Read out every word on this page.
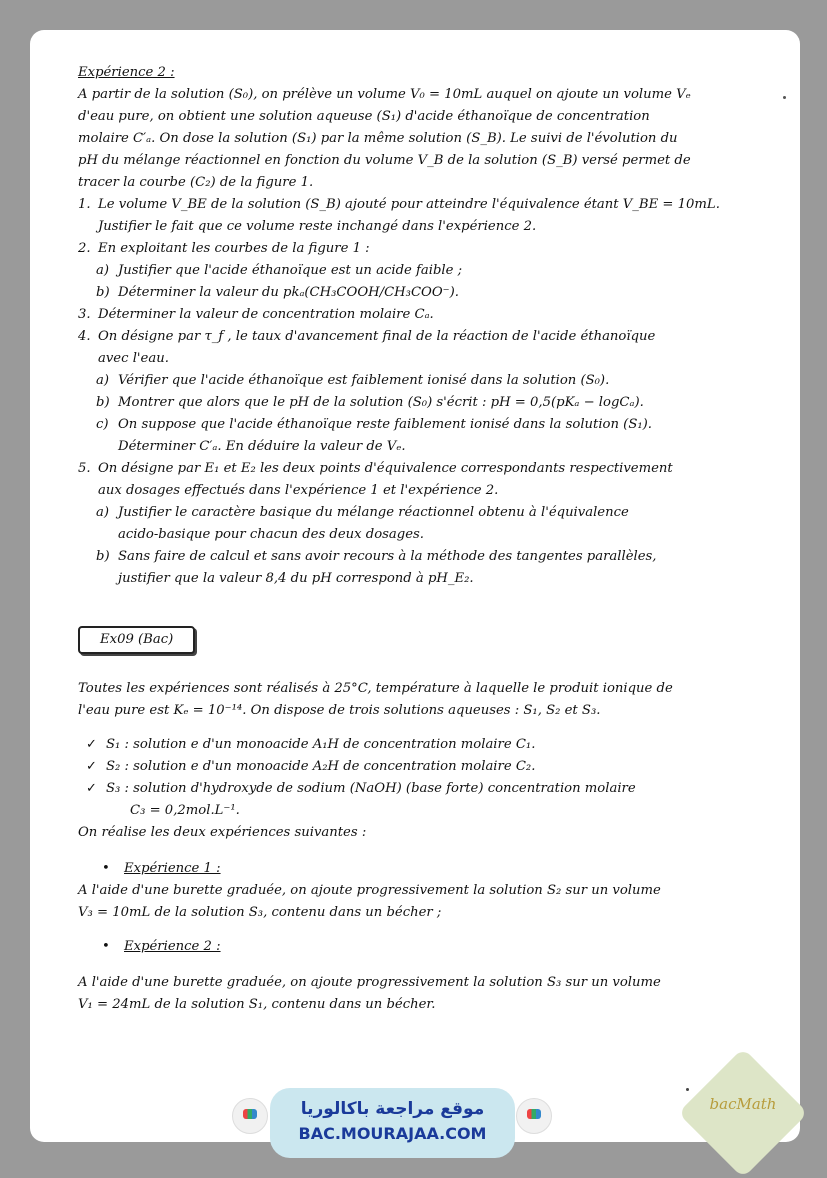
Expérience 2 :

A partir de la solution (S₀), on prélève un volume V₀ = 10mL auquel on ajoute un volume Vₑ

d'eau pure, on obtient une solution aqueuse (S₁) d'acide éthanoïque de concentration

molaire C′ₐ. On dose la solution (S₁) par la même solution (S_B). Le suivi de l'évolution du

pH du mélange réactionnel en fonction du volume V_B de la solution (S_B) versé permet de

tracer la courbe (C₂) de la figure 1.

1. Le volume V_BE de la solution (S_B) ajouté pour atteindre l'équivalence étant V_BE = 10mL.
Justifier le fait que ce volume reste inchangé dans l'expérience 2.
2. En exploitant les courbes de la figure 1 :
a) Justifier que l'acide éthanoïque est un acide faible ;
b) Déterminer la valeur du pkₐ(CH₃COOH/CH₃COO⁻).
3. Déterminer la valeur de concentration molaire Cₐ.
4. On désigne par τ_f , le taux d'avancement final de la réaction de l'acide éthanoïque
avec l'eau.
a) Vérifier que l'acide éthanoïque est faiblement ionisé dans la solution (S₀).
b) Montrer que alors que le pH de la solution (S₀) s'écrit : pH = 0,5(pKₐ − logCₐ).
c) On suppose que l'acide éthanoïque reste faiblement ionisé dans la solution (S₁).
Déterminer C′ₐ. En déduire la valeur de Vₑ.
5. On désigne par E₁ et E₂ les deux points d'équivalence correspondants respectivement
aux dosages effectués dans l'expérience 1 et l'expérience 2.
a) Justifier le caractère basique du mélange réactionnel obtenu à l'équivalence
acido-basique pour chacun des deux dosages.
b) Sans faire de calcul et sans avoir recours à la méthode des tangentes parallèles,
justifier que la valeur 8,4 du pH correspond à pH_E₂.
Ex09 (Bac)

Toutes les expériences sont réalisés à 25°C, température à laquelle le produit ionique de

l'eau pure est Kₑ = 10⁻¹⁴. On dispose de trois solutions aqueuses : S₁, S₂ et S₃.

✓ S₁ : solution e d'un monoacide A₁H de concentration molaire C₁.
✓ S₂ : solution e d'un monoacide A₂H de concentration molaire C₂.
✓ S₃ : solution d'hydroxyde de sodium (NaOH) (base forte) concentration molaire
C₃ = 0,2mol.L⁻¹.

On réalise les deux expériences suivantes :

• Expérience 1 :

A l'aide d'une burette graduée, on ajoute progressivement la solution S₂ sur un volume

V₃ = 10mL de la solution S₃, contenu dans un bécher ;

• Expérience 2 :

A l'aide d'une burette graduée, on ajoute progressivement la solution S₃ sur un volume

V₁ = 24mL de la solution S₁, contenu dans un bécher.

موقع مراجعة باكالوريا
BAC.MOURAJAA.COM
bacMath
